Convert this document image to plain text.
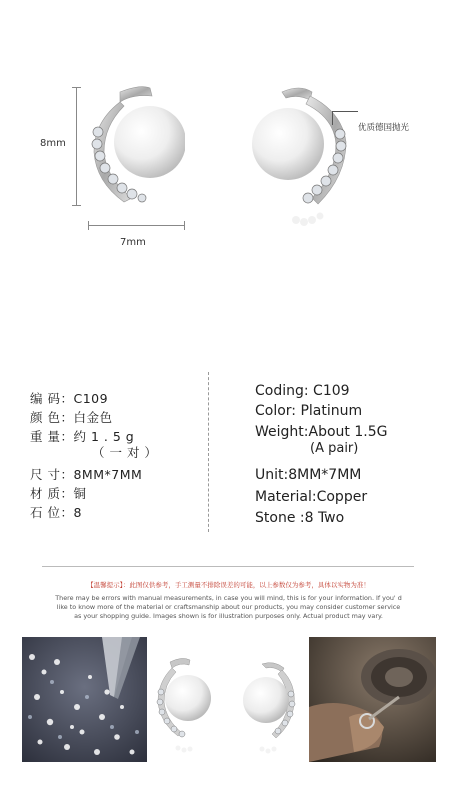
8mm
7mm
优质德国抛光
编 码：C109
颜 色：白金色
重 量：约 1 . 5 g
（ 一 对 ）
尺 寸：8MM*7MM
材 质：铜
石 位：8
Coding: C109
Color: Platinum
Weight:About 1.5G
(A pair)
Unit:8MM*7MM
Material:Copper
Stone :8 Two
【温馨提示】：此图仅供参考，手工测量不排除误差的可能，以上参数仅为参考，具体以实物为准！
There may be errors with manual measurements, in case you will mind, this is for your information. If you' d
like to know more of the material or craftsmanship about our products, you may consider customer service
as your shopping guide. Images shown is for illustration purposes only. Actual product may vary.
